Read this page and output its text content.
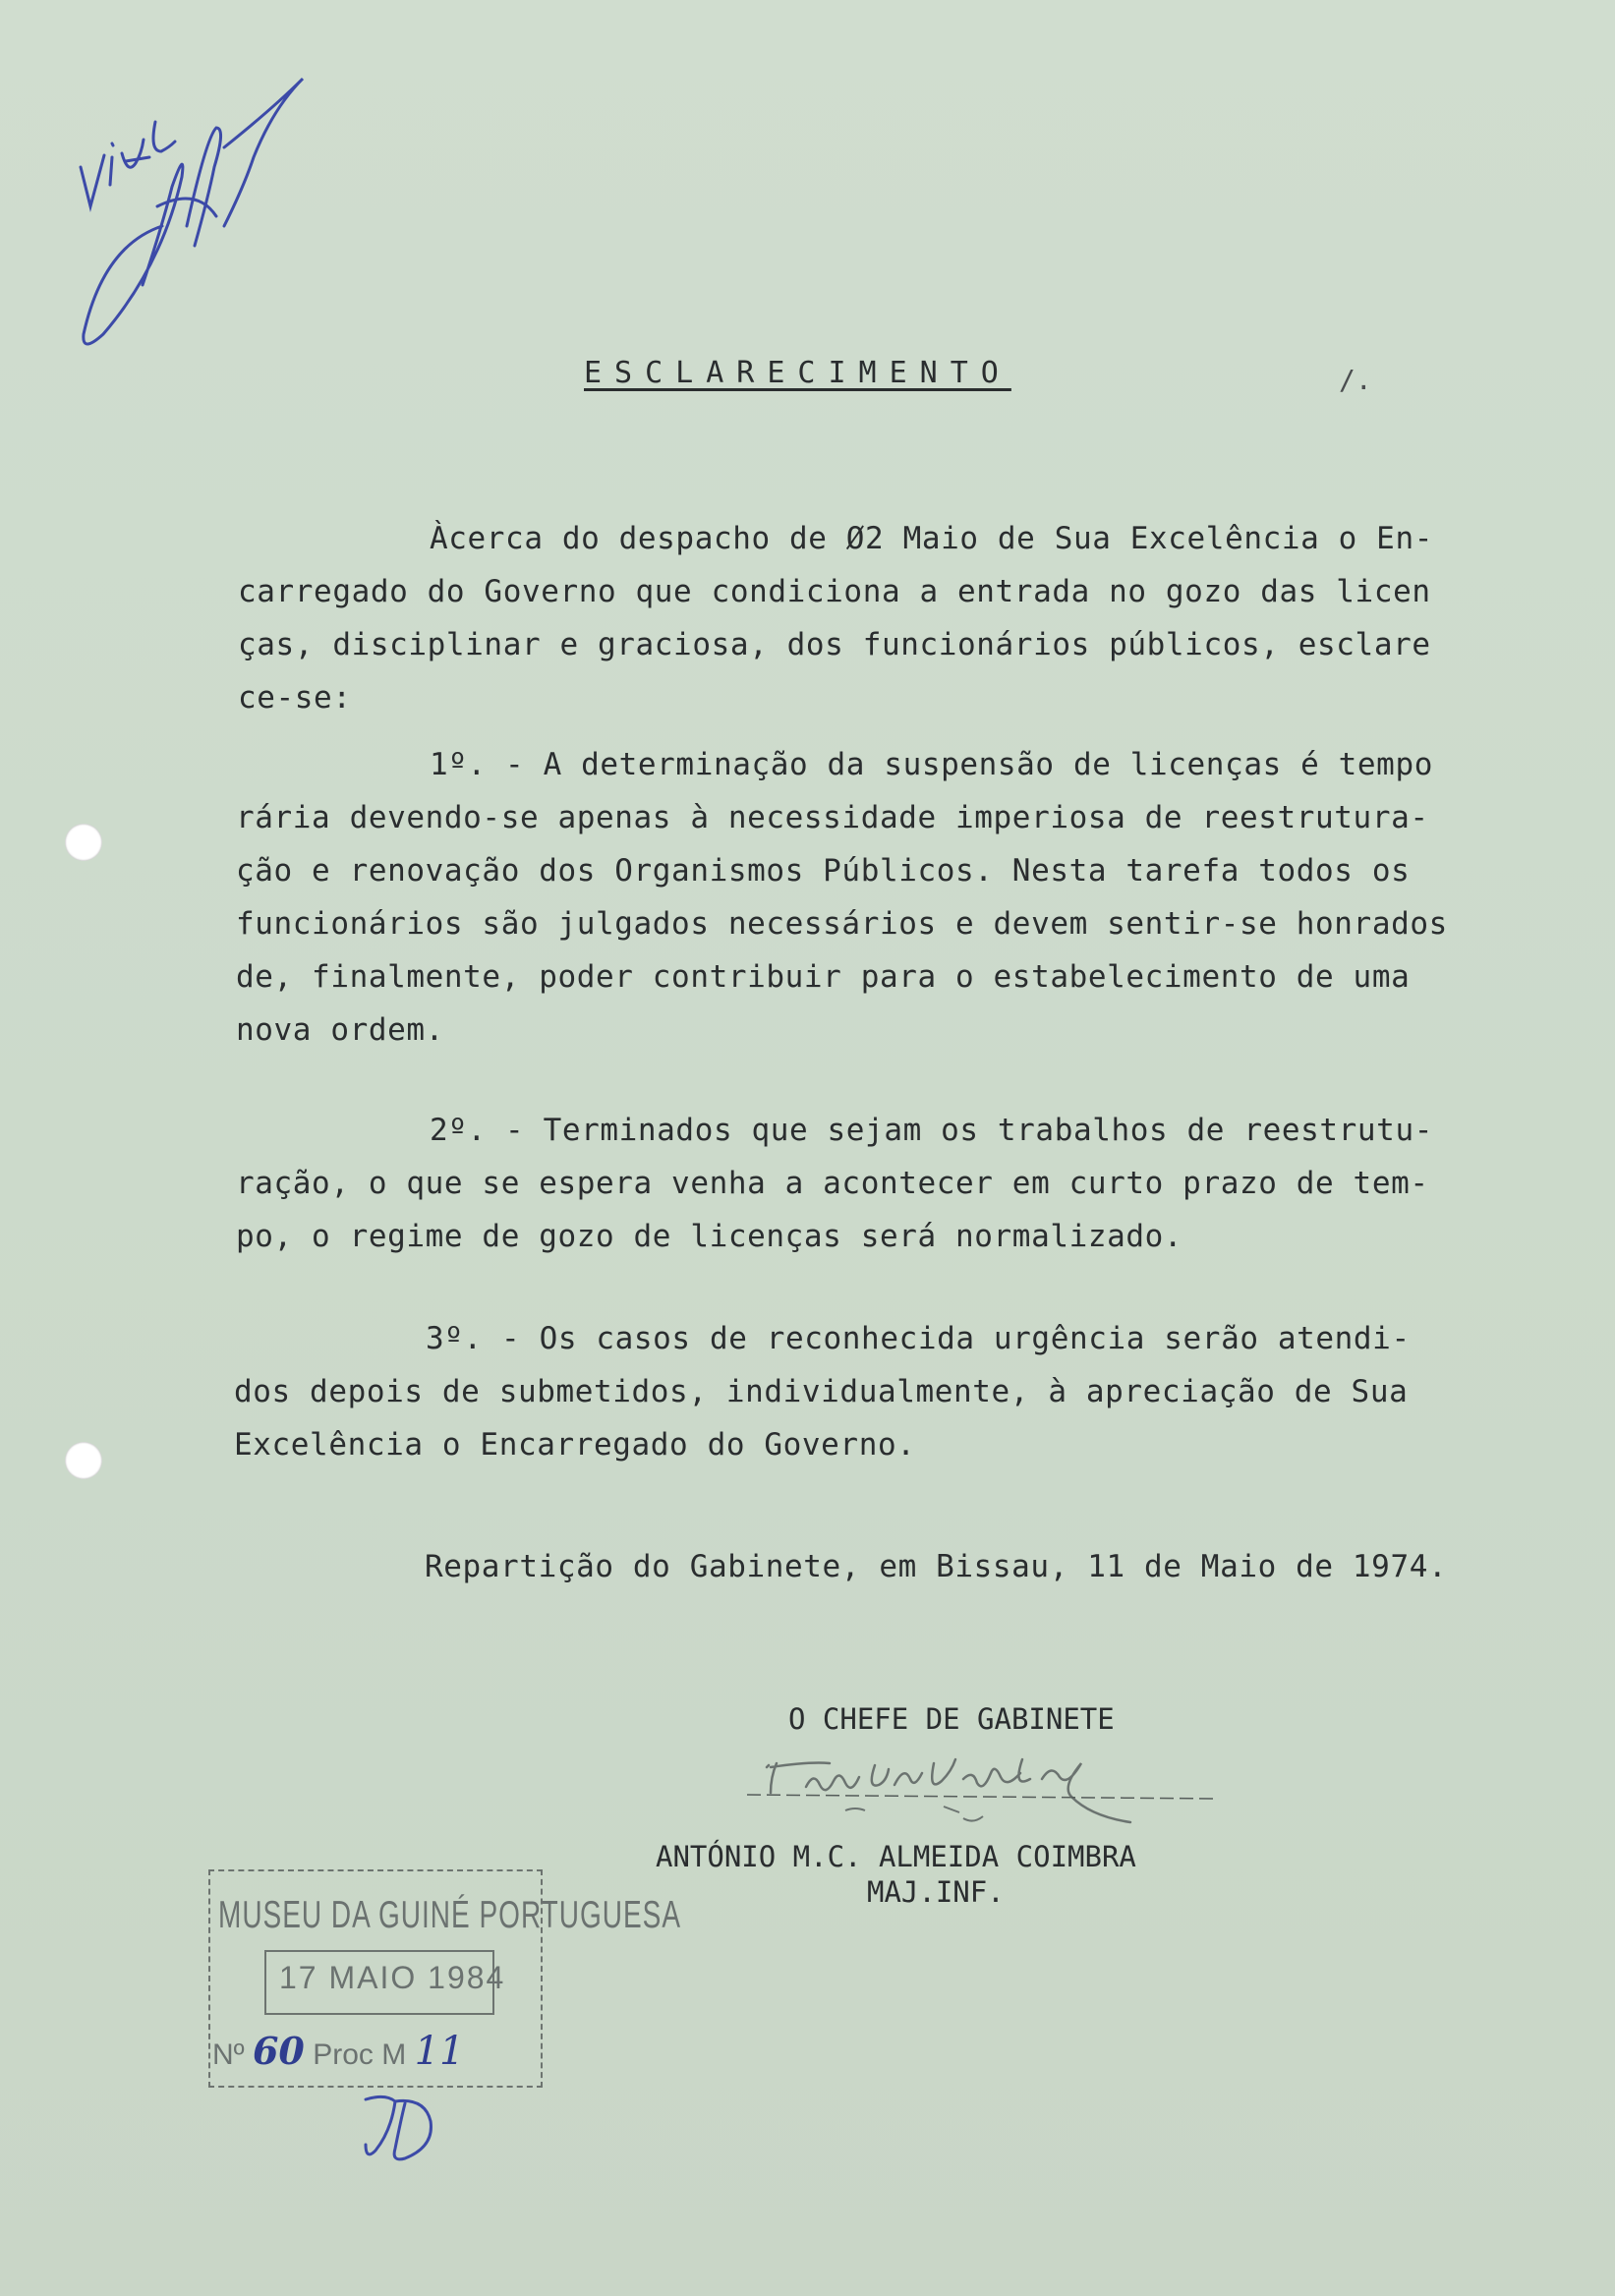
/.
ESCLARECIMENTO
Àcerca do despacho de Ø2 Maio de Sua Excelência o En-
carregado do Governo que condiciona a entrada no gozo das licen
ças, disciplinar e graciosa, dos funcionários públicos, esclare
ce-se:
1º. - A determinação da suspensão de licenças é tempo
rária devendo-se apenas à necessidade imperiosa de reestrutura-
ção e renovação dos Organismos Públicos. Nesta tarefa todos os
funcionários são julgados necessários e devem sentir-se honrados
de, finalmente, poder contribuir para o estabelecimento de uma
nova ordem.
2º. - Terminados que sejam os trabalhos de reestrutu-
ração, o que se espera venha a acontecer em curto prazo de tem-
po, o regime de gozo de licenças será normalizado.
3º. - Os casos de reconhecida urgência serão atendi-
dos depois de submetidos, individualmente, à apreciação de Sua
Excelência o Encarregado do Governo.
Repartição do Gabinete, em Bissau, 11 de Maio de 1974.
O CHEFE DE GABINETE
ANTÓNIO M.C. ALMEIDA COIMBRA
MAJ.INF.
MUSEU DA GUINÉ PORTUGUESA
17 MAIO 1984
Nº 60 Proc M 11
